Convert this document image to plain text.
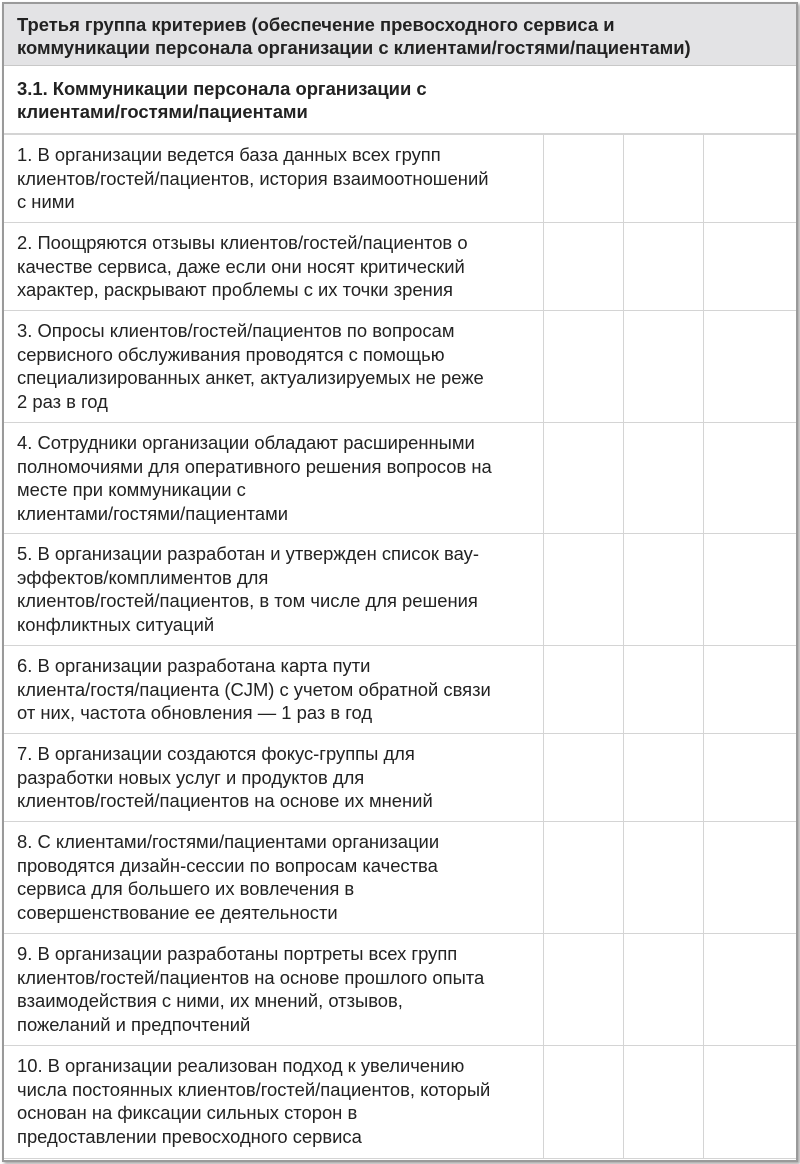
Третья группа критериев (обеспечение превосходного сервиса и
коммуникации персонала организации с клиентами/гостями/пациентами)
3.1. Коммуникации персонала организации с
клиентами/гостями/пациентами
1. В организации ведется база данных всех групп
клиентов/гостей/пациентов, история взаимоотношений
с ними			
2. Поощряются отзывы клиентов/гостей/пациентов о
качестве сервиса, даже если они носят критический
характер, раскрывают проблемы с их точки зрения			
3. Опросы клиентов/гостей/пациентов по вопросам
сервисного обслуживания проводятся с помощью
специализированных анкет, актуализируемых не реже
2 раз в год			
4. Сотрудники организации обладают расширенными
полномочиями для оперативного решения вопросов на
месте при коммуникации с
клиентами/гостями/пациентами			
5. В организации разработан и утвержден список вау-
эффектов/комплиментов для
клиентов/гостей/пациентов, в том числе для решения
конфликтных ситуаций			
6. В организации разработана карта пути
клиента/гостя/пациента (CJM) с учетом обратной связи
от них, частота обновления — 1 раз в год			
7. В организации создаются фокус-группы для
разработки новых услуг и продуктов для
клиентов/гостей/пациентов на основе их мнений			
8. С клиентами/гостями/пациентами организации
проводятся дизайн-сессии по вопросам качества
сервиса для большего их вовлечения в
совершенствование ее деятельности			
9. В организации разработаны портреты всех групп
клиентов/гостей/пациентов на основе прошлого опыта
взаимодействия с ними, их мнений, отзывов,
пожеланий и предпочтений			
10. В организации реализован подход к увеличению
числа постоянных клиентов/гостей/пациентов, который
основан на фиксации сильных сторон в
предоставлении превосходного сервиса			
